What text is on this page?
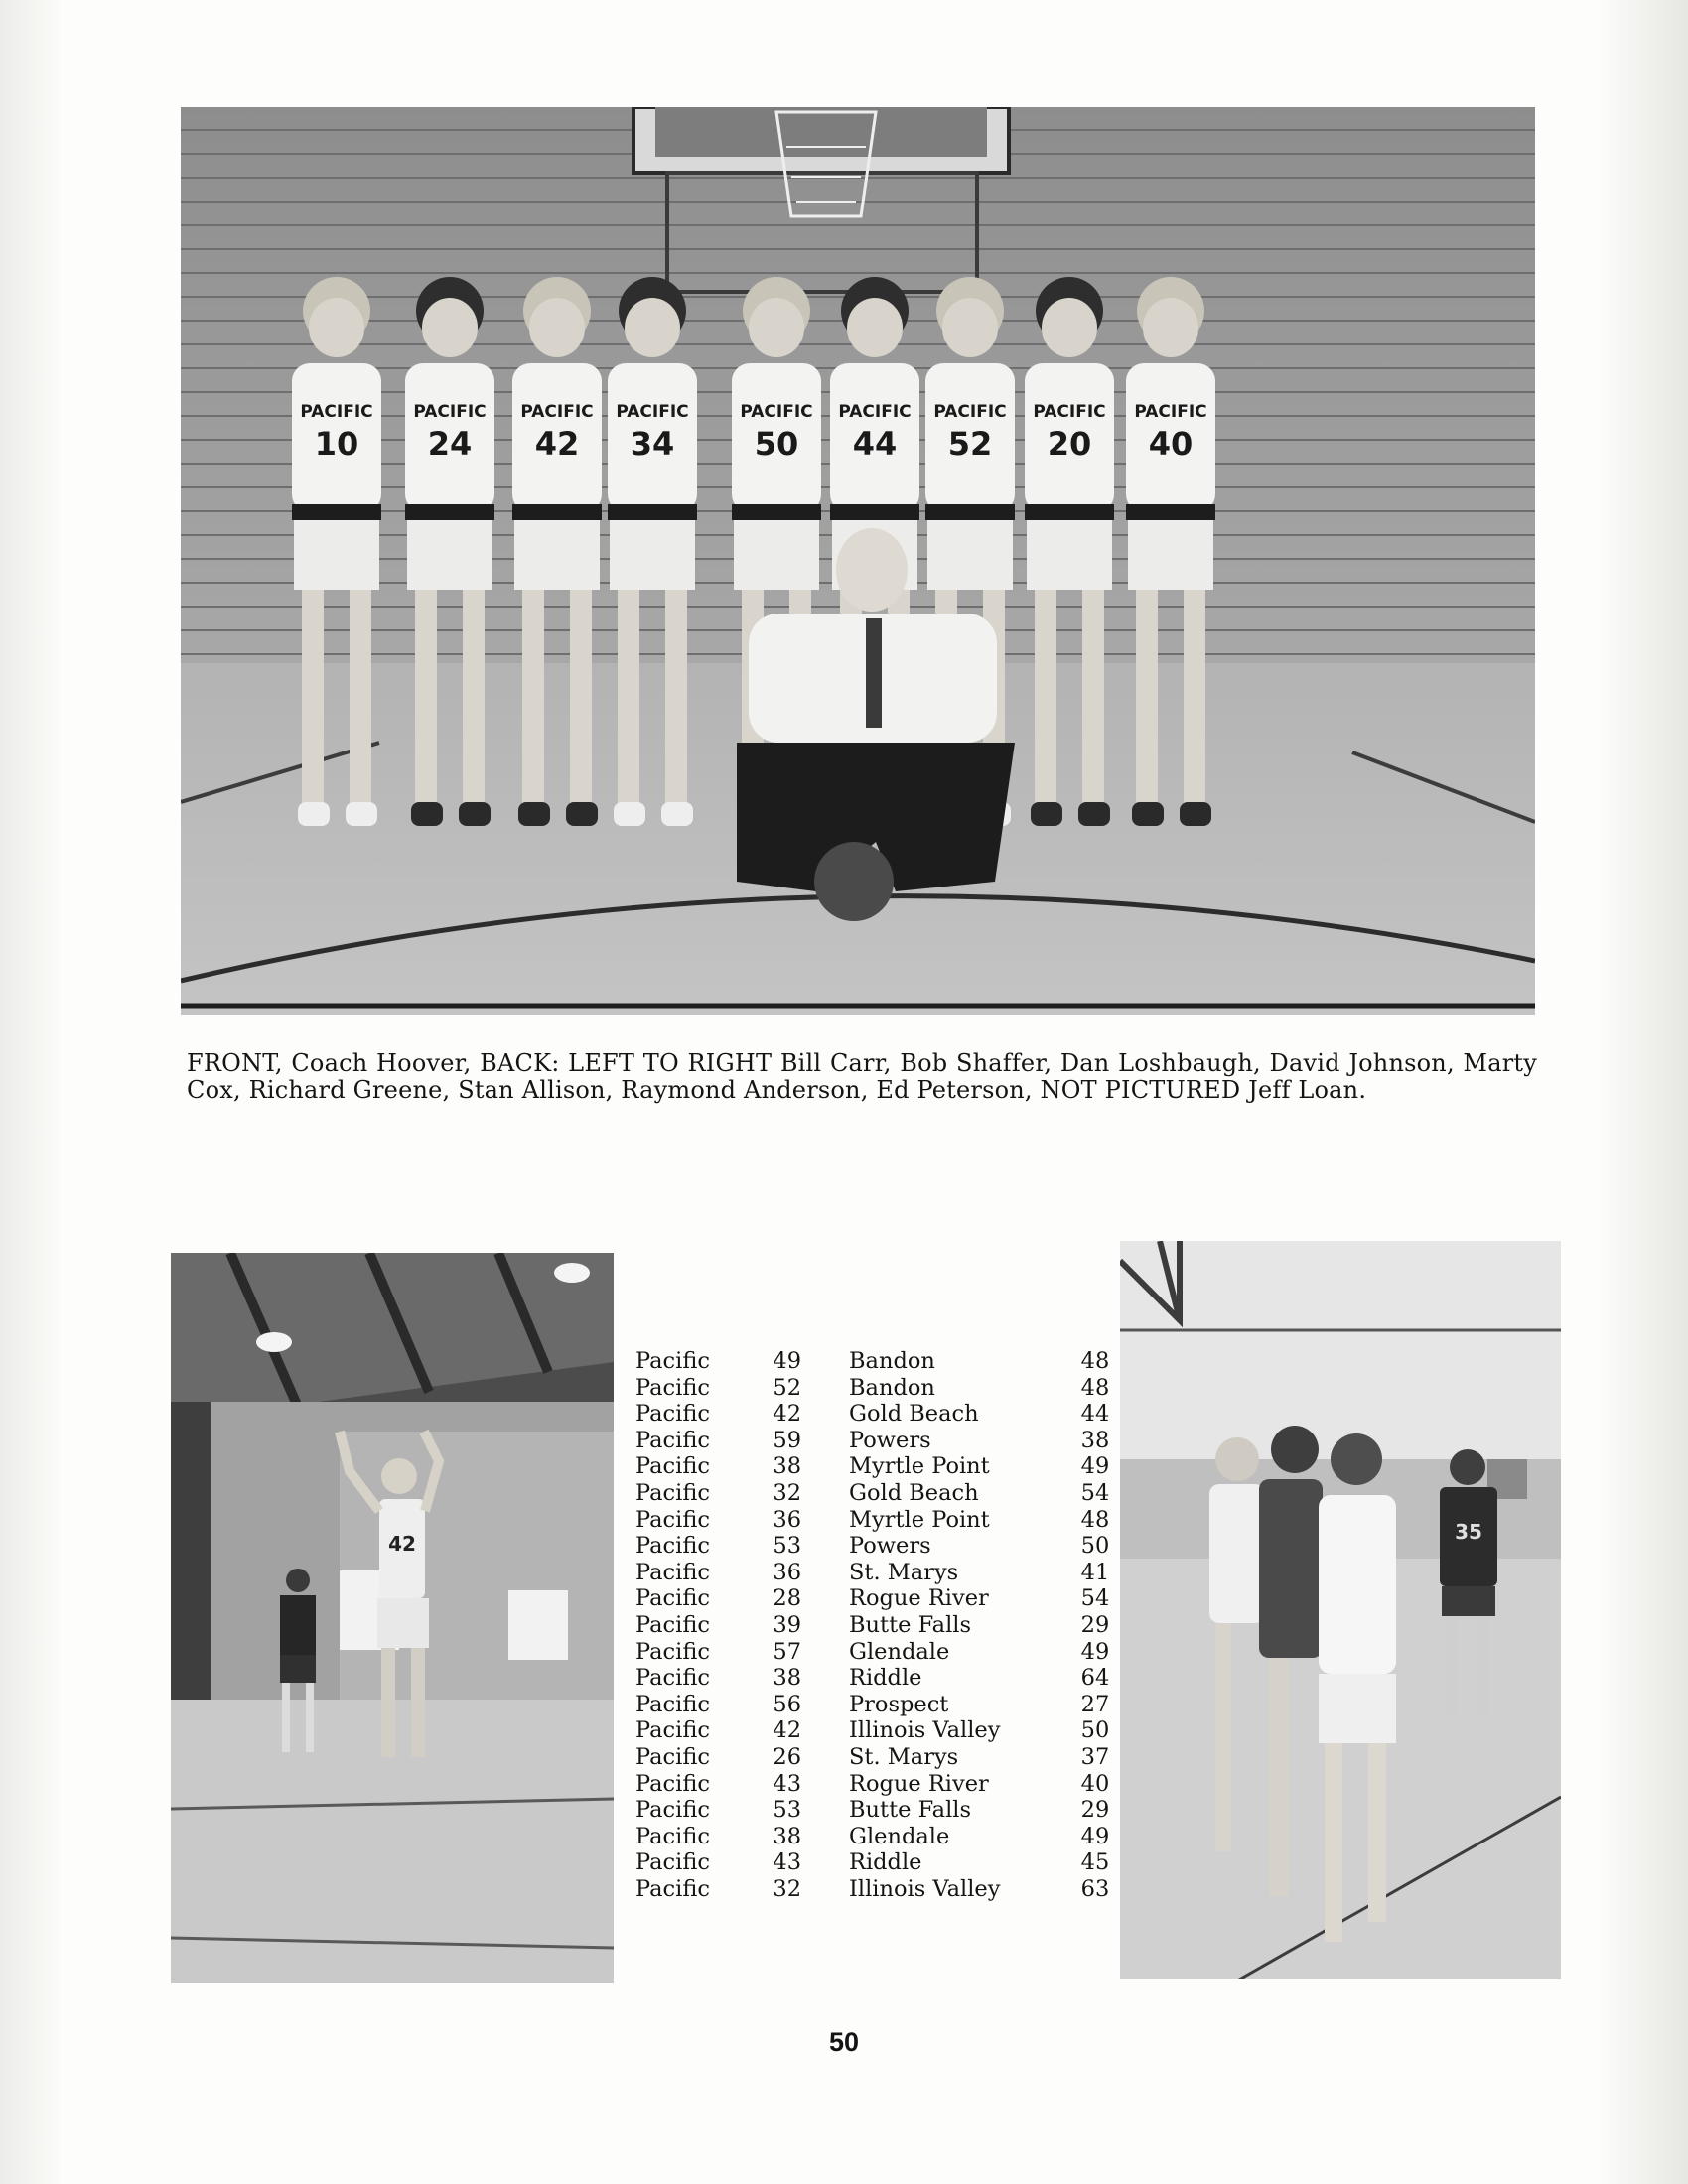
PACIFIC
10
PACIFIC
24
PACIFIC
42
PACIFIC
34
PACIFIC
50
PACIFIC
44
PACIFIC
52
PACIFIC
20
PACIFIC
40
FRONT, Coach Hoover, BACK: LEFT TO RIGHT Bill Carr, Bob Shaffer, Dan Loshbaugh, David Johnson, Marty Cox, Richard Greene, Stan Allison, Raymond Anderson, Ed Peterson, NOT PICTURED Jeff Loan.
42
Pacific	49	Bandon	48
Pacific	52	Bandon	48
Pacific	42	Gold Beach	44
Pacific	59	Powers	38
Pacific	38	Myrtle Point	49
Pacific	32	Gold Beach	54
Pacific	36	Myrtle Point	48
Pacific	53	Powers	50
Pacific	36	St. Marys	41
Pacific	28	Rogue River	54
Pacific	39	Butte Falls	29
Pacific	57	Glendale	49
Pacific	38	Riddle	64
Pacific	56	Prospect	27
Pacific	42	Illinois Valley	50
Pacific	26	St. Marys	37
Pacific	43	Rogue River	40
Pacific	53	Butte Falls	29
Pacific	38	Glendale	49
Pacific	43	Riddle	45
Pacific	32	Illinois Valley	63
35
50
